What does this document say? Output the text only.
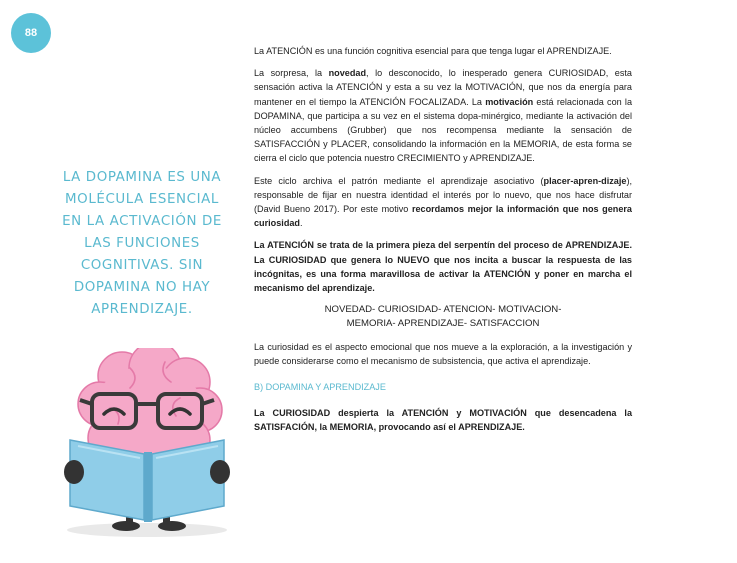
88
LA DOPAMINA ES UNA MOLÉCULA ESENCIAL EN LA ACTIVACIÓN DE LAS FUNCIONES COGNITIVAS. SIN DOPAMINA NO HAY APRENDIZAJE.

La ATENCIÓN es una función cognitiva esencial para que tenga lugar el APRENDIZAJE.

La sorpresa, la novedad, lo desconocido, lo inesperado genera CURIOSIDAD, esta sensación activa la ATENCIÓN y esta a su vez la MOTIVACIÓN, que nos da energía para mantener en el tiempo la ATENCIÓN FOCALIZADA. La motivación está relacionada con la DOPAMINA, que participa a su vez en el sistema dopa-minérgico, mediante la activación del núcleo accumbens (Grubber) que nos recompensa mediante la sensación de SATISFACCIÓN y PLACER, consolidando la información en la MEMORIA, de esta forma se cierra el ciclo que potencia nuestro CRECIMIENTO y APRENDIZAJE.

Este ciclo archiva el patrón mediante el aprendizaje asociativo (placer-apren-dizaje), responsable de fijar en nuestra identidad el interés por lo nuevo, que nos hace disfrutar (David Bueno 2017). Por este motivo recordamos mejor la información que nos genera curiosidad.

La ATENCIÓN se trata de la primera pieza del serpentín del proceso de APRENDIZAJE. La CURIOSIDAD que genera lo NUEVO que nos incita a buscar la respuesta de las incógnitas, es una forma maravillosa de activar la ATENCIÓN y poner en marcha el mecanismo del aprendizaje.

NOVEDAD- CURIOSIDAD- ATENCION- MOTIVACION-
MEMORIA- APRENDIZAJE- SATISFACCION

La curiosidad es el aspecto emocional que nos mueve a la exploración, a la investigación y puede considerarse como el mecanismo de subsistencia, que activa el aprendizaje.

B) DOPAMINA Y APRENDIZAJE

La CURIOSIDAD despierta la ATENCIÓN y MOTIVACIÓN que desencadena la SATISFACIÓN, la MEMORIA, provocando así el APRENDIZAJE.
